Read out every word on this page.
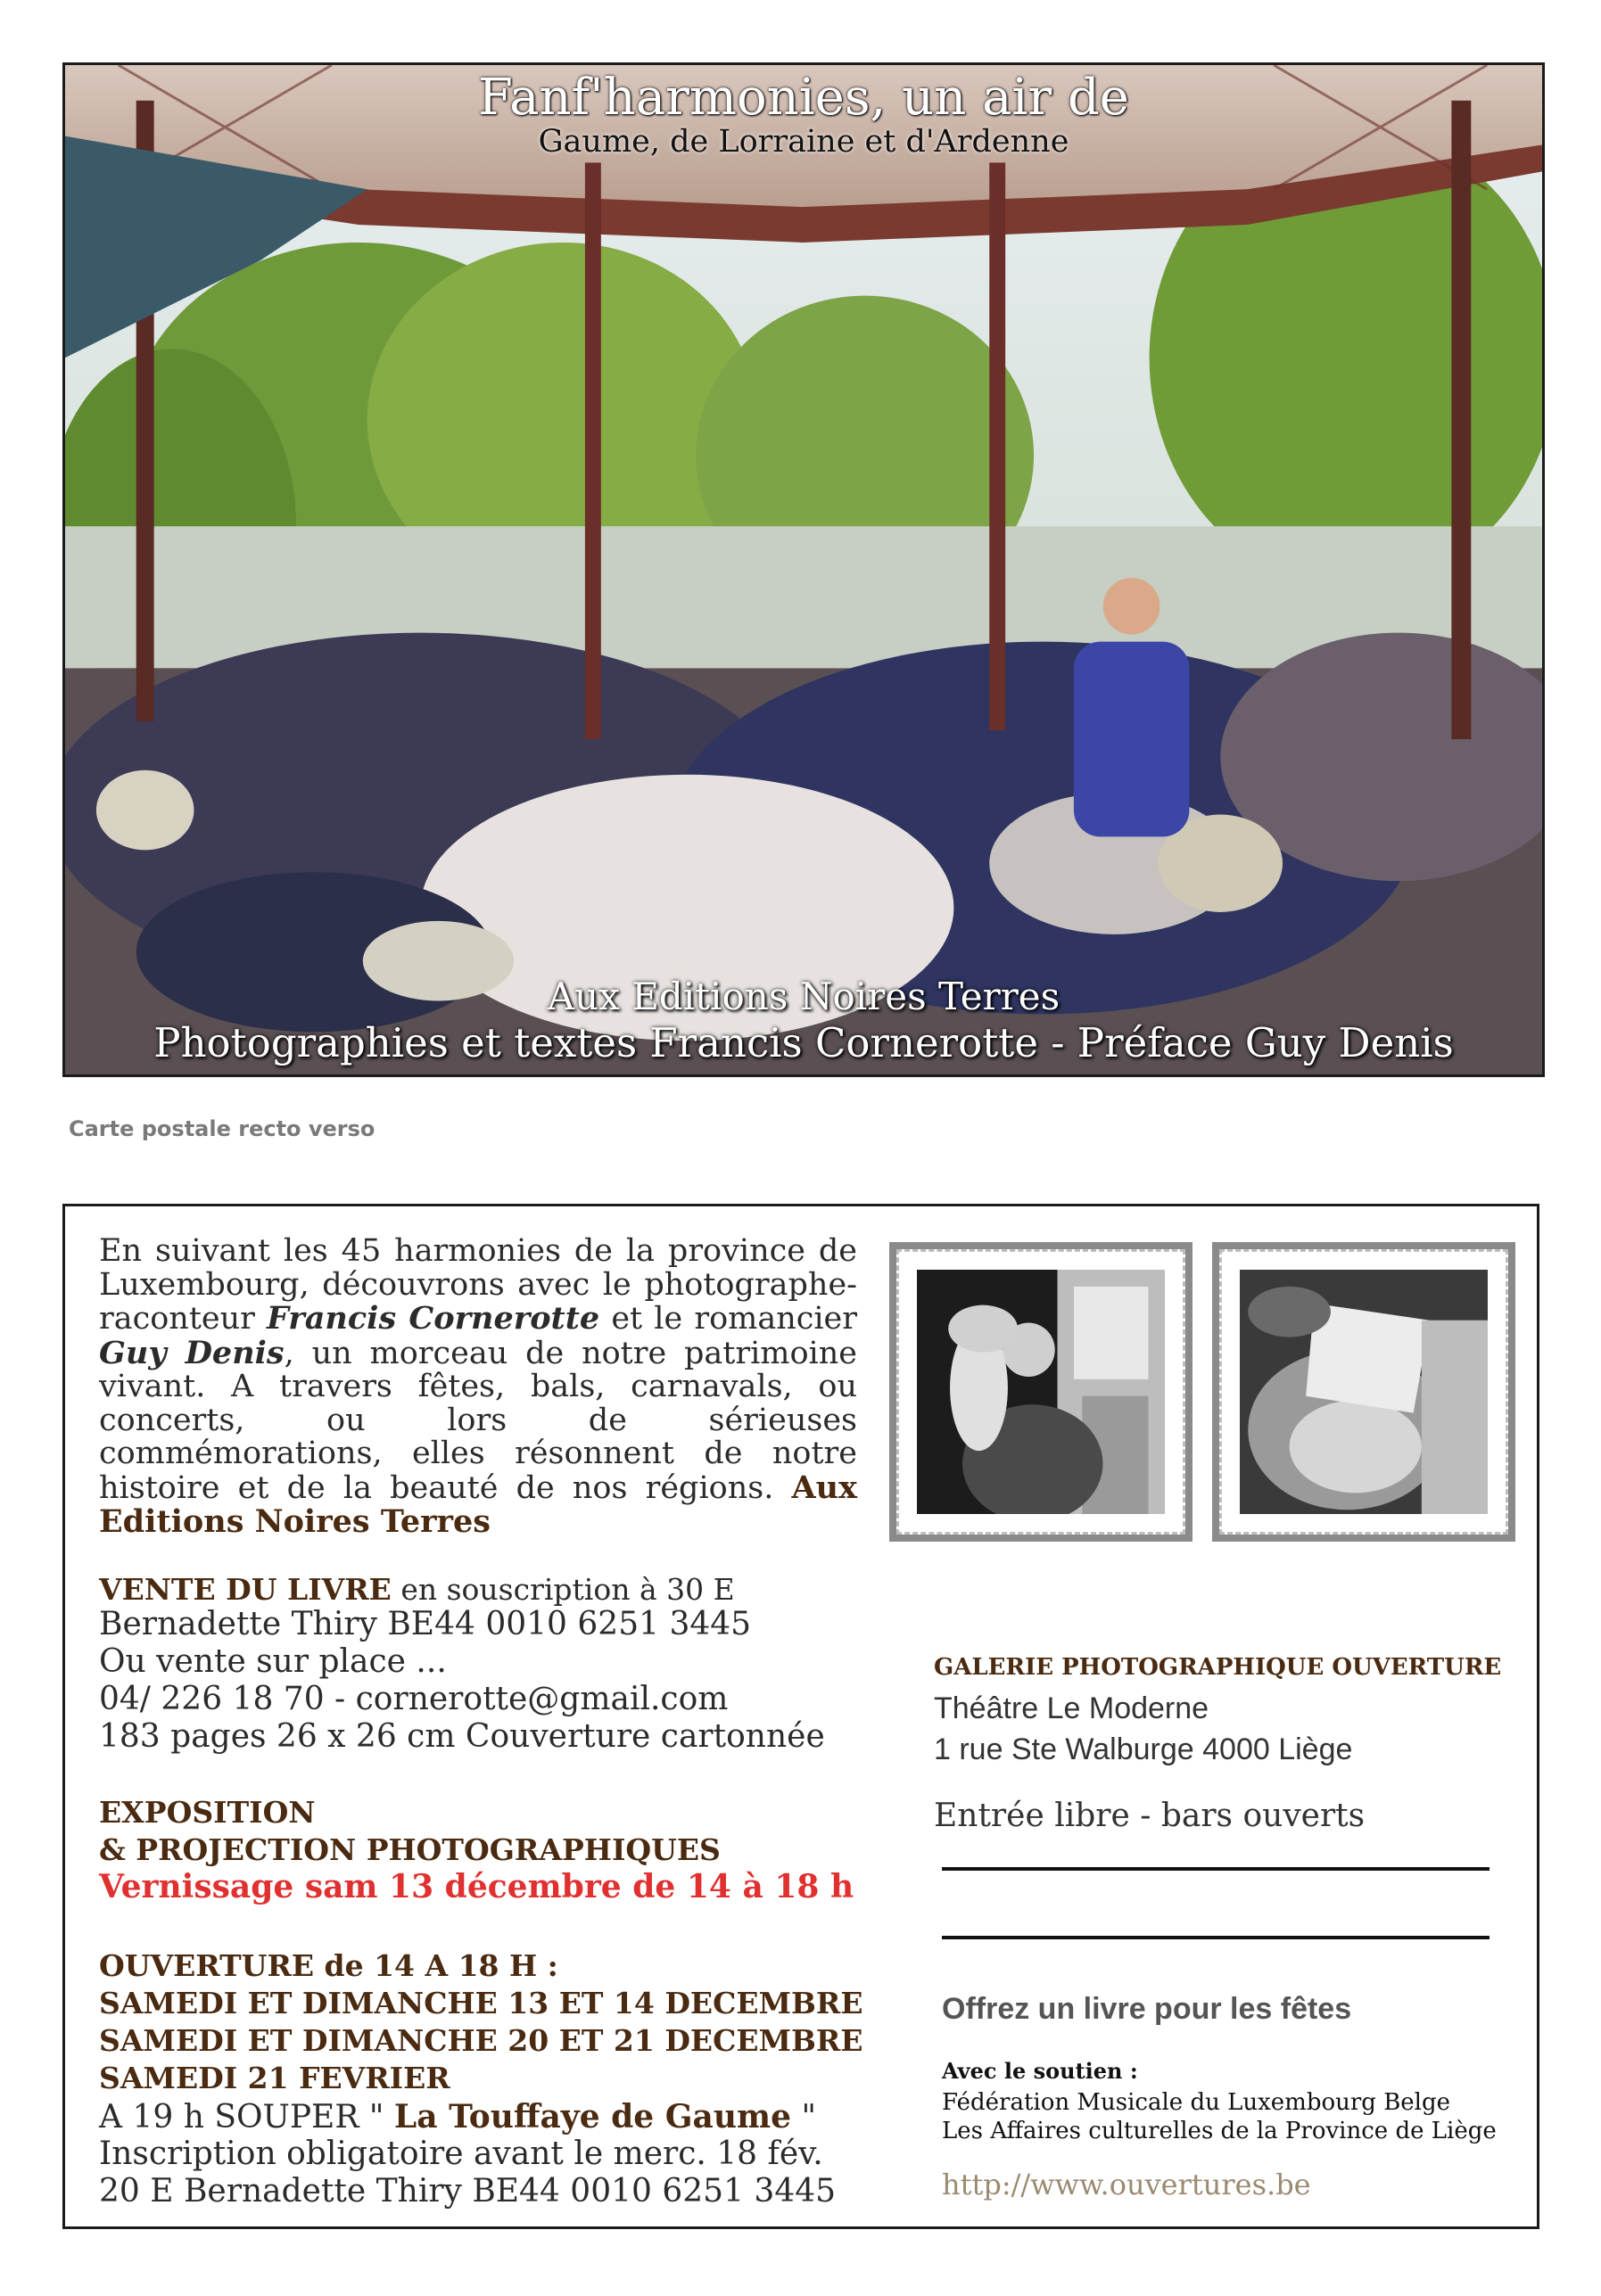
Fanf'harmonies, un air de
Gaume, de Lorraine et d'Ardenne
Aux Editions Noires Terres
Photographies et textes Francis Cornerotte - Préface Guy Denis
Carte postale recto verso
En suivant les 45 harmonies de la province de Luxembourg, découvrons avec le photographe-raconteur Francis Cornerotte et le romancier Guy Denis, un morceau de notre patrimoine vivant. A travers fêtes, bals, carnavals, ou concerts, ou lors de sérieuses commémorations, elles résonnent de notre histoire et de la beauté de nos régions. Aux Editions Noires Terres
VENTE DU LIVRE en souscription à 30 E
Bernadette Thiry BE44 0010 6251 3445
Ou vente sur place ...
04/ 226 18 70 - cornerotte@gmail.com
183 pages 26 x 26 cm Couverture cartonnée
EXPOSITION
& PROJECTION PHOTOGRAPHIQUES
Vernissage sam 13 décembre de 14 à 18 h
OUVERTURE de 14 A 18 H :
SAMEDI ET DIMANCHE 13 ET 14 DECEMBRE
SAMEDI ET DIMANCHE 20 ET 21 DECEMBRE
SAMEDI 21 FEVRIER
A 19 h SOUPER " La Touffaye de Gaume "
Inscription obligatoire avant le merc. 18 fév.
20 E Bernadette Thiry BE44 0010 6251 3445
GALERIE PHOTOGRAPHIQUE OUVERTURE
Théâtre Le Moderne
1 rue Ste Walburge 4000 Liège
Entrée libre - bars ouverts
Offrez un livre pour les fêtes
Avec le soutien :
Fédération Musicale du Luxembourg Belge
Les Affaires culturelles de la Province de Liège
http://www.ouvertures.be
